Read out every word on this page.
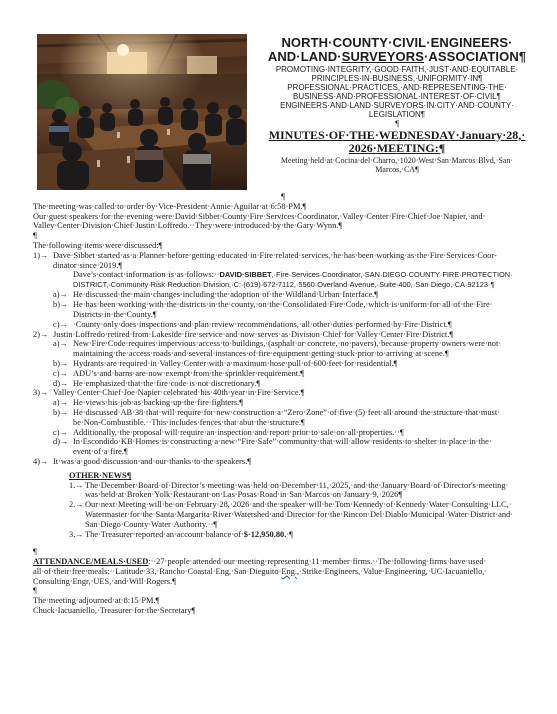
NORTH·COUNTY·CIVIL·ENGINEERS·
AND·LAND·SURVEYORS·ASSOCIATION¶

PROMOTING·INTEGRITY,·GOOD·FAITH,·JUST·AND·EQUITABLE·
PRINCIPLES·IN·BUSINESS,·UNIFORMITY·IN¶
PROFESSIONAL·PRACTICES,·AND·REPRESENTING·THE·
BUSINESS·AND·PROFESSIONAL·INTEREST·OF·CIVIL¶
ENGINEERS·AND·LAND·SURVEYORS·IN·CITY·AND·COUNTY·
LEGISLATION¶
¶
MINUTES·OF·THE·WEDNESDAY·January·28,·
2026·MEETING:¶
Meeting·held·at·Cocina·del·Charro,·1020·West·San·Marcos·Blvd,·San·
Marcos,·CA¶

¶

The·meeting·was·called·to·order·by·Vice-President·Annie·Aguilar·at·6:58·PM.¶

Our·guest·speakers·for·the·evening·were·David·Sibbet·County·Fire·Services·Coordinator,·Valley·Center·Fire·Chief·Joe·Napier,·and·
Valley·Center·Division·Chief·Justin·Loffredo.··They·were·introduced·by·the·Gary·Wynn.¶

¶

The·following·items·were·discussed:¶

1)→ Dave·Sibbet·started·as·a·Planner·before·getting·educated·in·Fire·related·services,·he·has·been·working·as·the·Fire·Services·Coor-
dinator·since·2019.¶
Dave’s·contact·information·is·as·follows:··DAVID·SIBBET,·Fire·Services·Coordinator,·SAN·DIEGO·COUNTY·FIRE·PROTECTION·
DISTRICT,·Community·Risk·Reduction·Division,·C:·(619)·672-7112,·5560·Overland·Avenue,·Suite·400,·San·Diego,·CA·92123·¶
a)→ He·discussed·the·main·changes·including·the·adoption·of·the·Wildland·Urban·Interface.¶
b)→ He·has·been·working·with·the·districts·in·the·county,·on·the·Consolidated·Fire·Code,·which·is·uniform·for·all·of·the·Fire·
Districts·in·the·County.¶
c)→ ·County·only·does·inspections·and·plan·review·recommendations,·all·other·duties·performed·by·Fire·District.¶
2)→ Justin·Loffredo·retired·from·Lakeside·fire·service·and·now·serves·as·Division·Chief·for·Valley·Center·Fire·District.¶
a)→ New·Fire·Code·requires·impervious·access·to·buildings,·(asphalt·or·concrete,·no·pavers),·because·property·owners·were·not·
maintaining·the·access·roads·and·several·instances·of·fire·equipment·getting·stuck·prior·to·arriving·at·scene.¶
b)→ Hydrants·are·required·in·Valley·Center·with·a·maximum·hose·pull·of·600·feet·for·residential.¶
c)→ ADU’s·and·barns·are·now·exempt·from·the·sprinkler·requirement.¶
d)→ He·emphasized·that·the·fire·code·is·not·discretionary.¶
3)→ Valley·Center·Chief·Joe·Napier·celebrated·his·40th·year·in·Fire·Service.¶
a)→ He·views·his·job·as·backing·up·the·fire·fighters.¶
b)→ He·discussed·AB·38·that·will·require·for·new·construction·a·“Zero·Zone”·of·five·(5)·feet·all·around·the·structure·that·must·
be·Non-Combustible.··This·includes·fences·that·abut·the·structure.¶
c)→ Additionally,·the·proposal·will·require·an·inspection·and·report·prior·to·sale·on·all·properties.··¶
d)→ In·Escondido·KB·Homes·is·constructing·a·new·“Fire·Safe”·community·that·will·allow·residents·to·shelter·in·place·in·the·
event·of·a·fire.¶
4)→ It·was·a·good·discussion·and·our·thanks·to·the·speakers.¶
OTHER·NEWS¶
1.→ The·December·Board·of·Director’s·meeting·was·held·on·December·11,·2025,·and·the·January·Board·of·Director's·meeting·
was·held·at·Broken·Yolk·Restaurant·on·Las·Posas·Road·in·San·Marcos·on·January·9,·2026¶
2.→ Our·next·Meeting·will·be·on·February·28,·2026·and·the·speaker·will·be·Tom·Kennedy·of·Kennedy·Water·Consulting·LLC,·
Watermaster·for·the·Santa·Margarita·River·Watershed·and·Director·for·the·Rincon·Del·Diablo·Municipal·Water·District·and·
San·Diego·County·Water·Authority.··¶
3.→ The·Treasurer·reported·an·account·balance·of·$·12,950.80.·¶

¶

ATTENDANCE/MEALS·USED:··27·people·attended·our·meeting·representing·11·member·firms.··The·following·firms·have·used·
all·of·their·free·meals:··Latitude·33,·Rancho·Coastal·Eng,·San·Dieguito·Eng.,·Strike·Engineers,·Value·Engineering,·UC·Iacuaniello,·
Consulting·Engr,·UES,·and·Will·Rogers.¶

¶

The·meeting·adjourned·at·8:15·PM.¶

Chuck·Iacuaniello,·Treasurer·for·the·Secretary¶
